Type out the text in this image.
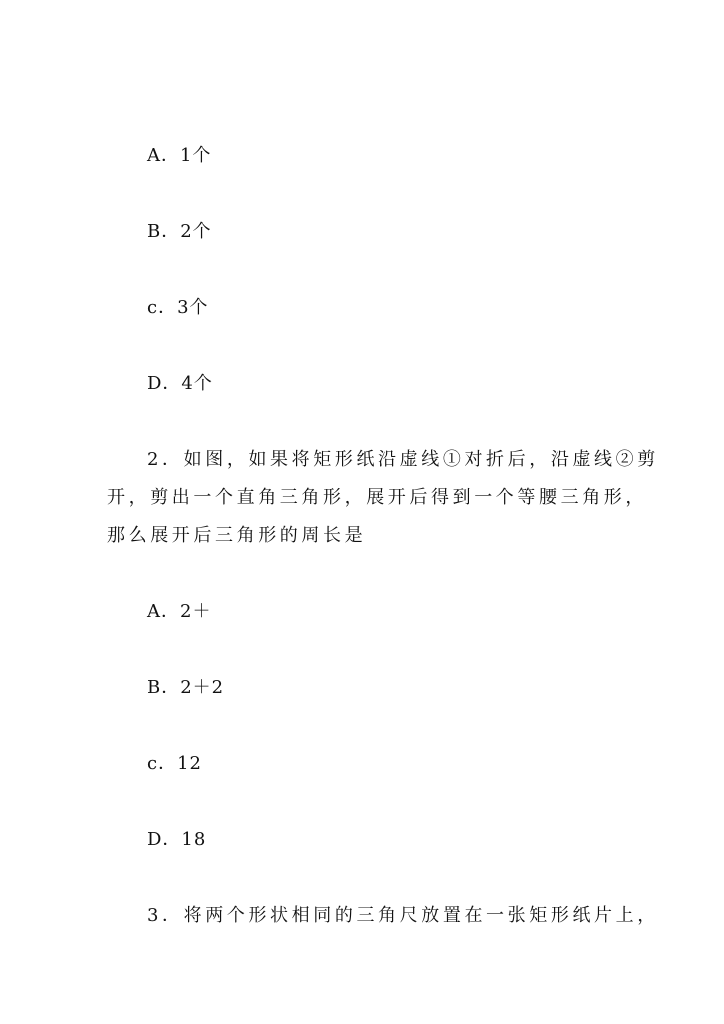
A．1个
B．2个
c．3个
D．4个
2．如图，如果将矩形纸沿虚线①对折后，沿虚线②剪
开，剪出一个直角三角形，展开后得到一个等腰三角形，
那么展开后三角形的周长是
A．2＋
B．2＋2
c．12
D．18
3．将两个形状相同的三角尺放置在一张矩形纸片上，
